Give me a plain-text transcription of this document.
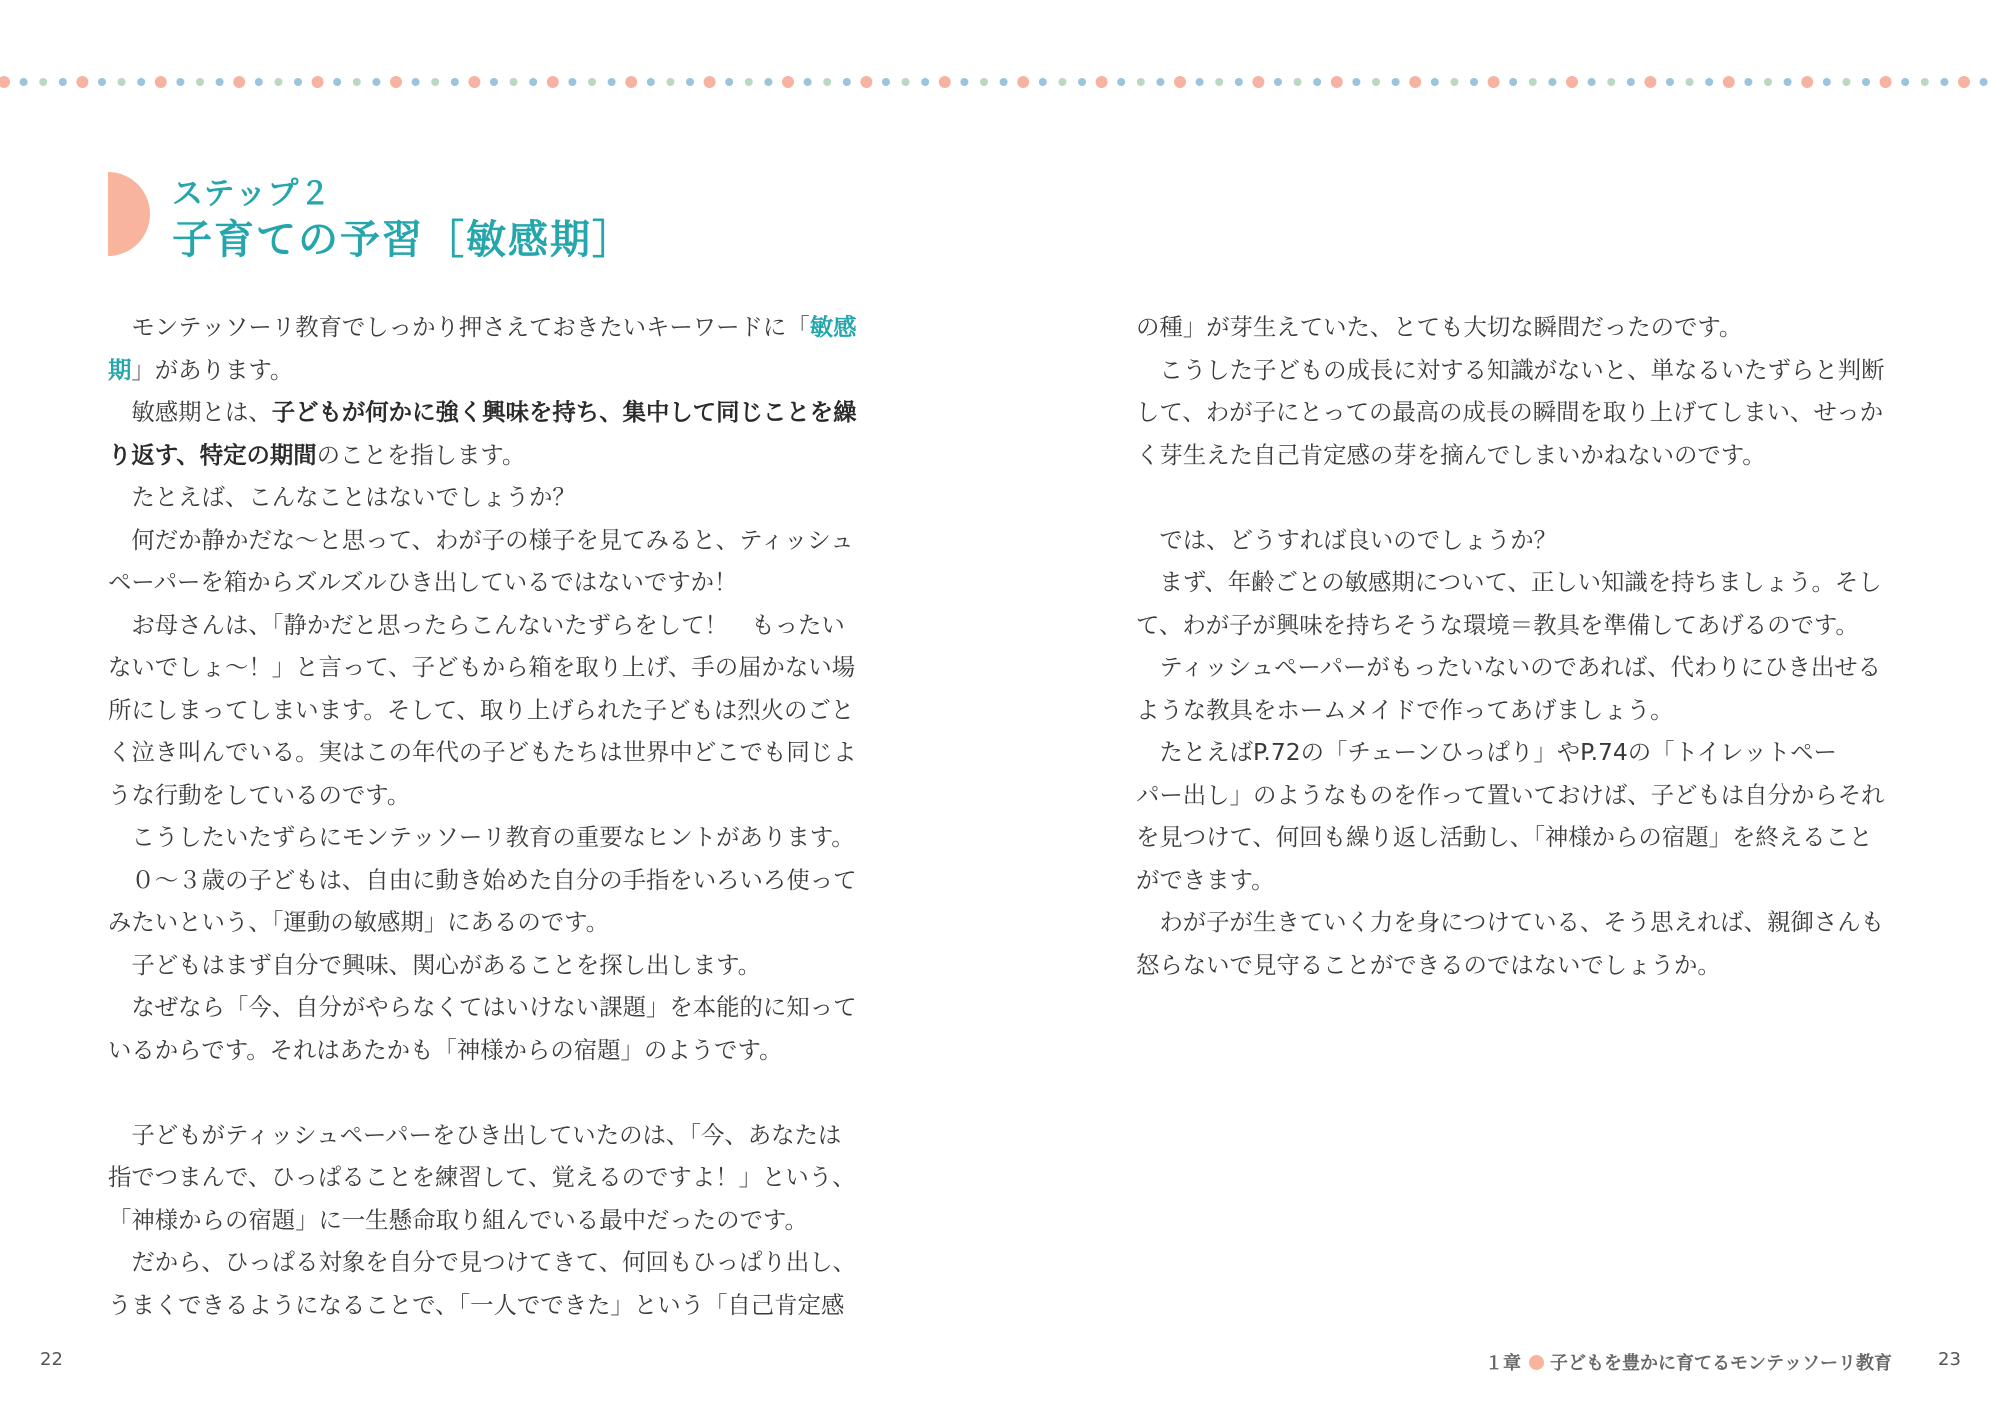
ステップ２
子育ての予習［敏感期］
　モンテッソーリ教育でしっかり押さえておきたいキーワードに「敏感
期」があります。
　敏感期とは、子どもが何かに強く興味を持ち、集中して同じことを繰
り返す、特定の期間のことを指します。
　たとえば、こんなことはないでしょうか？
　何だか静かだな～と思って、わが子の様子を見てみると、ティッシュ
ペーパーを箱からズルズルひき出しているではないですか！
　お母さんは、「静かだと思ったらこんないたずらをして！　もったい
ないでしょ～！」と言って、子どもから箱を取り上げ、手の届かない場
所にしまってしまいます。そして、取り上げられた子どもは烈火のごと
く泣き叫んでいる。実はこの年代の子どもたちは世界中どこでも同じよ
うな行動をしているのです。
　こうしたいたずらにモンテッソーリ教育の重要なヒントがあります。
　０～３歳の子どもは、自由に動き始めた自分の手指をいろいろ使って
みたいという、「運動の敏感期」にあるのです。
　子どもはまず自分で興味、関心があることを探し出します。
　なぜなら「今、自分がやらなくてはいけない課題」を本能的に知って
いるからです。それはあたかも「神様からの宿題」のようです。

　子どもがティッシュペーパーをひき出していたのは、「今、あなたは
指でつまんで、ひっぱることを練習して、覚えるのですよ！」という、
「神様からの宿題」に一生懸命取り組んでいる最中だったのです。
　だから、ひっぱる対象を自分で見つけてきて、何回もひっぱり出し、
うまくできるようになることで、「一人でできた」という「自己肯定感
の種」が芽生えていた、とても大切な瞬間だったのです。
　こうした子どもの成長に対する知識がないと、単なるいたずらと判断
して、わが子にとっての最高の成長の瞬間を取り上げてしまい、せっか
く芽生えた自己肯定感の芽を摘んでしまいかねないのです。

　では、どうすれば良いのでしょうか？
　まず、年齢ごとの敏感期について、正しい知識を持ちましょう。そし
て、わが子が興味を持ちそうな環境＝教具を準備してあげるのです。
　ティッシュペーパーがもったいないのであれば、代わりにひき出せる
ような教具をホームメイドで作ってあげましょう。
　たとえばP.72の「チェーンひっぱり」やP.74の「トイレットペー
パー出し」のようなものを作って置いておけば、子どもは自分からそれ
を見つけて、何回も繰り返し活動し、「神様からの宿題」を終えること
ができます。
　わが子が生きていく力を身につけている、そう思えれば、親御さんも
怒らないで見守ることができるのではないでしょうか。
22	１章 子どもを豊かに育てるモンテッソーリ教育	23
